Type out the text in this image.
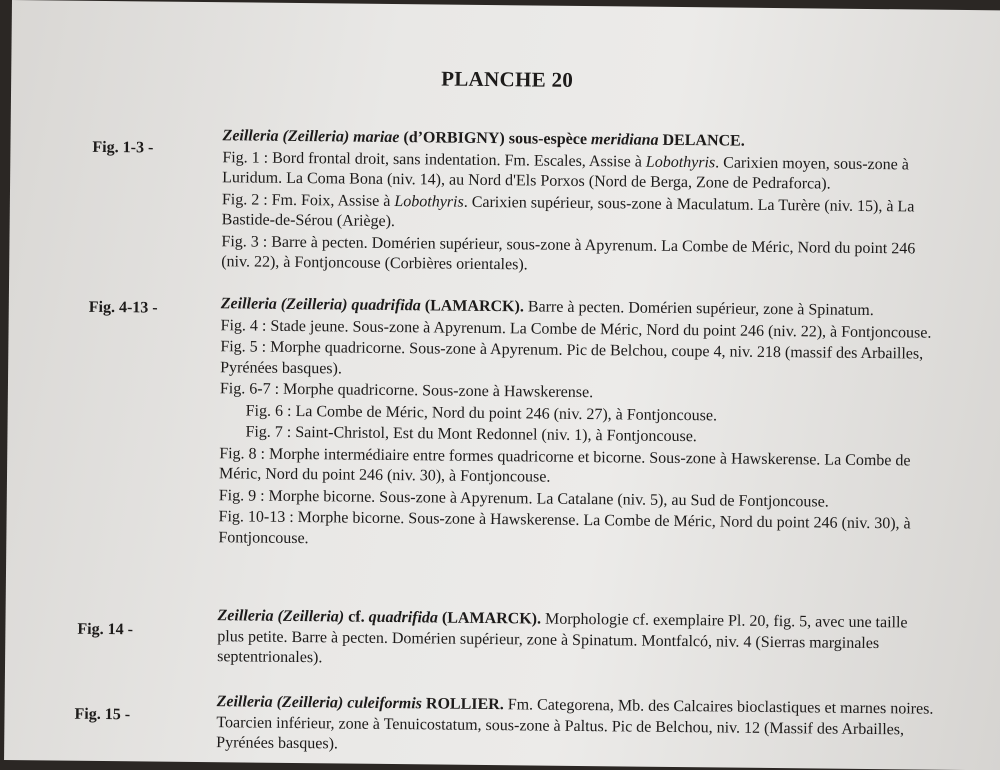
PLANCHE 20
Fig. 1-3 -
Zeilleria (Zeilleria) mariae (d’ORBIGNY) sous-espèce meridiana DELANCE.
Fig. 1 : Bord frontal droit, sans indentation. Fm. Escales, Assise à Lobothyris. Carixien moyen, sous-zone à Luridum. La Coma Bona (niv. 14), au Nord d'Els Porxos (Nord de Berga, Zone de Pedraforca).
Fig. 2 : Fm. Foix, Assise à Lobothyris. Carixien supérieur, sous-zone à Maculatum. La Turère (niv. 15), à La Bastide-de-Sérou (Ariège).
Fig. 3 : Barre à pecten. Domérien supérieur, sous-zone à Apyrenum. La Combe de Méric, Nord du point 246 (niv. 22), à Fontjoncouse (Corbières orientales).
Fig. 4-13 -	Zeilleria (Zeilleria) quadrifida (LAMARCK). Barre à pecten. Domérien supérieur, zone à Spinatum.
Fig. 4 : Stade jeune. Sous-zone à Apyrenum. La Combe de Méric, Nord du point 246 (niv. 22), à Fontjoncouse.
Fig. 5 : Morphe quadricorne. Sous-zone à Apyrenum. Pic de Belchou, coupe 4, niv. 218 (massif des Arbailles, Pyrénées basques).
Fig. 6-7 : Morphe quadricorne. Sous-zone à Hawskerense.
Fig. 6 : La Combe de Méric, Nord du point 246 (niv. 27), à Fontjoncouse.
Fig. 7 : Saint-Christol, Est du Mont Redonnel (niv. 1), à Fontjoncouse.
Fig. 8 : Morphe intermédiaire entre formes quadricorne et bicorne. Sous-zone à Hawskerense. La Combe de Méric, Nord du point 246 (niv. 30), à Fontjoncouse.
Fig. 9 : Morphe bicorne. Sous-zone à Apyrenum. La Catalane (niv. 5), au Sud de Fontjoncouse.
Fig. 10-13 : Morphe bicorne. Sous-zone à Hawskerense. La Combe de Méric, Nord du point 246 (niv. 30), à Fontjoncouse.
Fig. 14 -
Zeilleria (Zeilleria) cf. quadrifida (LAMARCK). Morphologie cf. exemplaire Pl. 20, fig. 5, avec une taille plus petite. Barre à pecten. Domérien supérieur, zone à Spinatum. Montfalcó, niv. 4 (Sierras marginales septentrionales).
Fig. 15 -
Zeilleria (Zeilleria) culeiformis ROLLIER. Fm. Categorena, Mb. des Calcaires bioclastiques et marnes noires. Toarcien inférieur, zone à Tenuicostatum, sous-zone à Paltus. Pic de Belchou, niv. 12 (Massif des Arbailles, Pyrénées basques).
